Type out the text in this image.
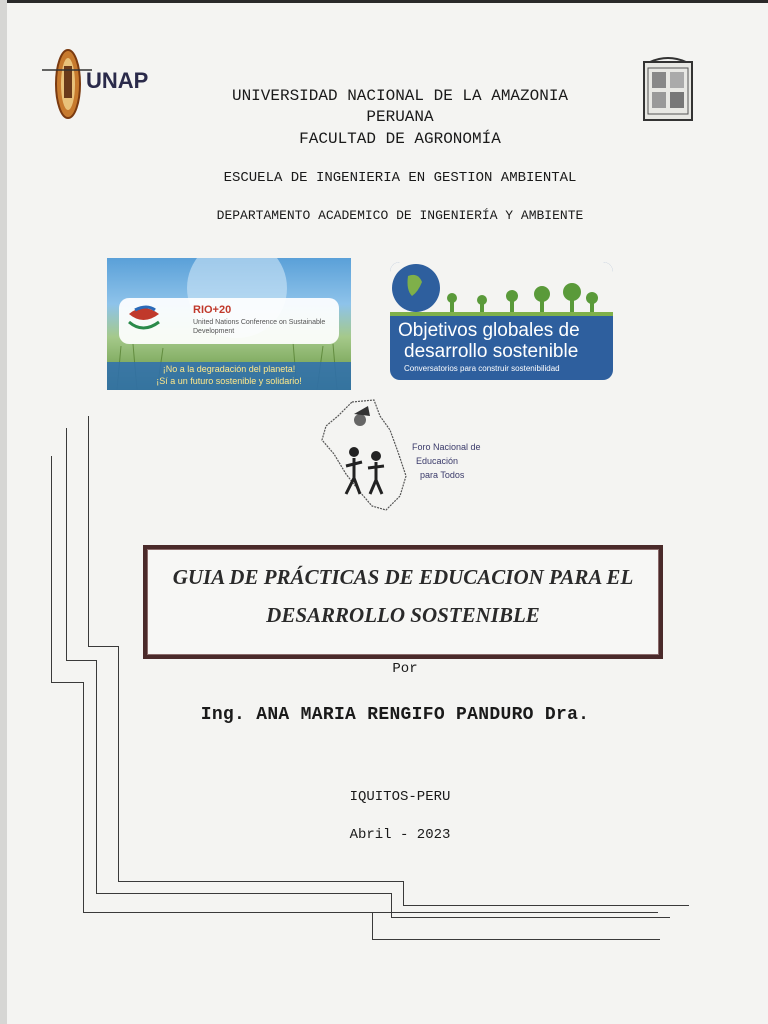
UNAP
UNIVERSIDAD NACIONAL DE LA AMAZONIA
PERUANA
FACULTAD DE AGRONOMÍA
ESCUELA DE INGENIERIA EN GESTION AMBIENTAL
DEPARTAMENTO ACADEMICO DE INGENIERÍA Y AMBIENTE
RIO+20
United Nations Conference on Sustainable Development
¡No a la degradación del planeta!
¡Sí a un futuro sostenible y solidario!
Objetivos globales de
desarrollo sostenible
Conversatorios para construir sostenibilidad
Foro Nacional de
Educación
para Todos
GUIA DE PRÁCTICAS DE EDUCACION PARA EL
DESARROLLO SOSTENIBLE
Por
Ing. ANA MARIA RENGIFO PANDURO Dra.
IQUITOS-PERU
Abril - 2023
